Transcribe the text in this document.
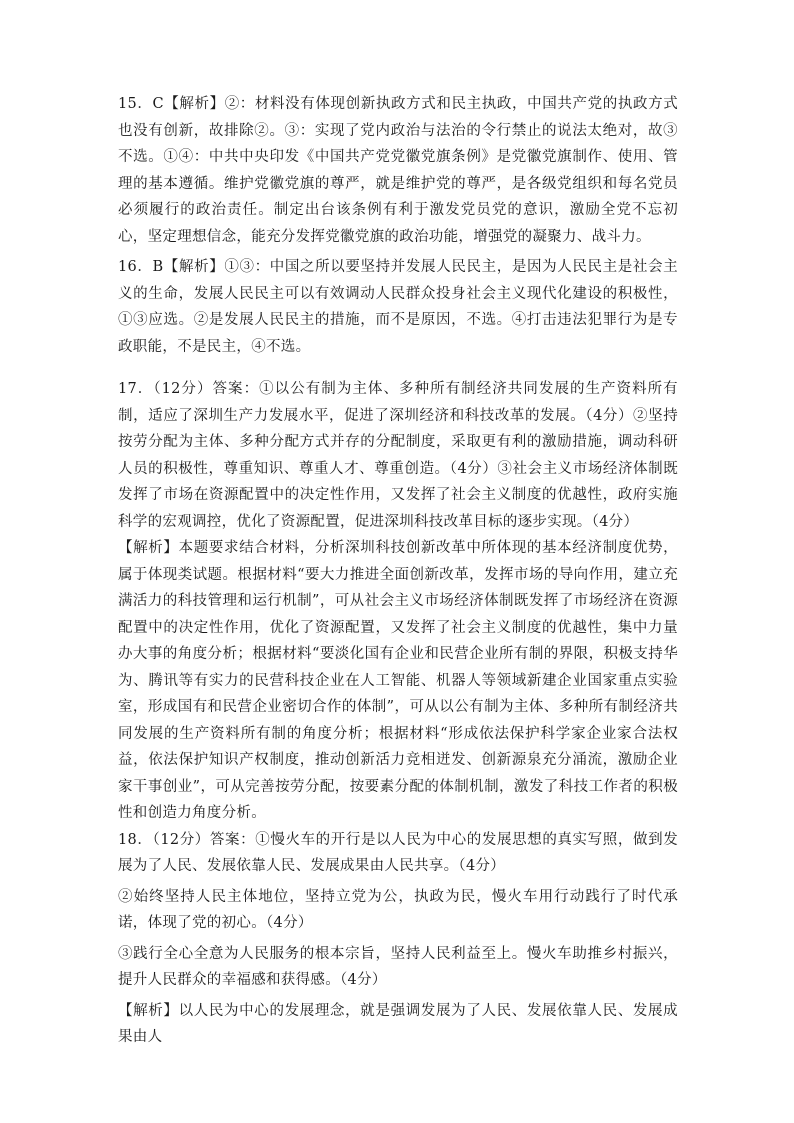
15．C【解析】②：材料没有体现创新执政方式和民主执政，中国共产党的执政方式也没有创新，故排除②。③：实现了党内政治与法治的令行禁止的说法太绝对，故③不选。①④：中共中央印发《中国共产党党徽党旗条例》是党徽党旗制作、使用、管理的基本遵循。维护党徽党旗的尊严，就是维护党的尊严，是各级党组织和每名党员必须履行的政治责任。制定出台该条例有利于激发党员党的意识，激励全党不忘初心，坚定理想信念，能充分发挥党徽党旗的政治功能，增强党的凝聚力、战斗力。

16．B【解析】①③：中国之所以要坚持并发展人民民主，是因为人民民主是社会主义的生命，发展人民民主可以有效调动人民群众投身社会主义现代化建设的积极性，①③应选。②是发展人民民主的措施，而不是原因，不选。④打击违法犯罪行为是专政职能，不是民主，④不选。

17．（12分）答案：①以公有制为主体、多种所有制经济共同发展的生产资料所有制，适应了深圳生产力发展水平，促进了深圳经济和科技改革的发展。（4分）②坚持按劳分配为主体、多种分配方式并存的分配制度，采取更有利的激励措施，调动科研人员的积极性，尊重知识、尊重人才、尊重创造。（4分）③社会主义市场经济体制既发挥了市场在资源配置中的决定性作用，又发挥了社会主义制度的优越性，政府实施科学的宏观调控，优化了资源配置，促进深圳科技改革目标的逐步实现。（4分）

【解析】本题要求结合材料，分析深圳科技创新改革中所体现的基本经济制度优势，属于体现类试题。根据材料“要大力推进全面创新改革，发挥市场的导向作用，建立充满活力的科技管理和运行机制”，可从社会主义市场经济体制既发挥了市场经济在资源配置中的决定性作用，优化了资源配置，又发挥了社会主义制度的优越性，集中力量办大事的角度分析；根据材料“要淡化国有企业和民营企业所有制的界限，积极支持华为、腾讯等有实力的民营科技企业在人工智能、机器人等领域新建企业国家重点实验室，形成国有和民营企业密切合作的体制”，可从以公有制为主体、多种所有制经济共同发展的生产资料所有制的角度分析；根据材料“形成依法保护科学家企业家合法权益，依法保护知识产权制度，推动创新活力竞相迸发、创新源泉充分涌流，激励企业家干事创业”，可从完善按劳分配，按要素分配的体制机制，激发了科技工作者的积极性和创造力角度分析。

18．（12分）答案：①慢火车的开行是以人民为中心的发展思想的真实写照，做到发展为了人民、发展依靠人民、发展成果由人民共享。（4分）

②始终坚持人民主体地位，坚持立党为公，执政为民，慢火车用行动践行了时代承诺，体现了党的初心。（4分）

③践行全心全意为人民服务的根本宗旨，坚持人民利益至上。慢火车助推乡村振兴，提升人民群众的幸福感和获得感。（4分）

【解析】以人民为中心的发展理念，就是强调发展为了人民、发展依靠人民、发展成果由人
